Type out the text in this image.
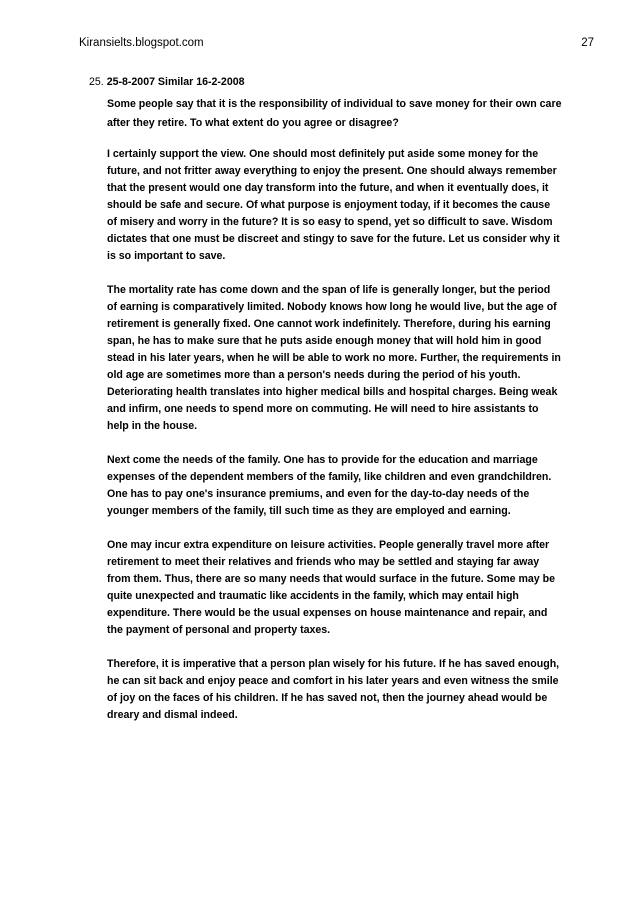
Kiransielts.blogspot.com	27
25. 25-8-2007 Similar 16-2-2008

Some people say that it is the responsibility of individual to save money for their own care after they retire. To what extent do you agree or disagree?

I certainly support the view. One should most definitely put aside some money for the future, and not fritter away everything to enjoy the present. One should always remember that the present would one day transform into the future, and when it eventually does, it should be safe and secure. Of what purpose is enjoyment today, if it becomes the cause of misery and worry in the future? It is so easy to spend, yet so difficult to save. Wisdom dictates that one must be discreet and stingy to save for the future. Let us consider why it is so important to save.

The mortality rate has come down and the span of life is generally longer, but the period of earning is comparatively limited. Nobody knows how long he would live, but the age of retirement is generally fixed. One cannot work indefinitely. Therefore, during his earning span, he has to make sure that he puts aside enough money that will hold him in good stead in his later years, when he will be able to work no more. Further, the requirements in old age are sometimes more than a person's needs during the period of his youth. Deteriorating health translates into higher medical bills and hospital charges. Being weak and infirm, one needs to spend more on commuting. He will need to hire assistants to help in the house.

Next come the needs of the family. One has to provide for the education and marriage expenses of the dependent members of the family, like children and even grandchildren. One has to pay one's insurance premiums, and even for the day-to-day needs of the younger members of the family, till such time as they are employed and earning.

One may incur extra expenditure on leisure activities. People generally travel more after retirement to meet their relatives and friends who may be settled and staying far away from them. Thus, there are so many needs that would surface in the future. Some may be quite unexpected and traumatic like accidents in the family, which may entail high expenditure. There would be the usual expenses on house maintenance and repair, and the payment of personal and property taxes.

Therefore, it is imperative that a person plan wisely for his future. If he has saved enough, he can sit back and enjoy peace and comfort in his later years and even witness the smile of joy on the faces of his children. If he has saved not, then the journey ahead would be dreary and dismal indeed.
